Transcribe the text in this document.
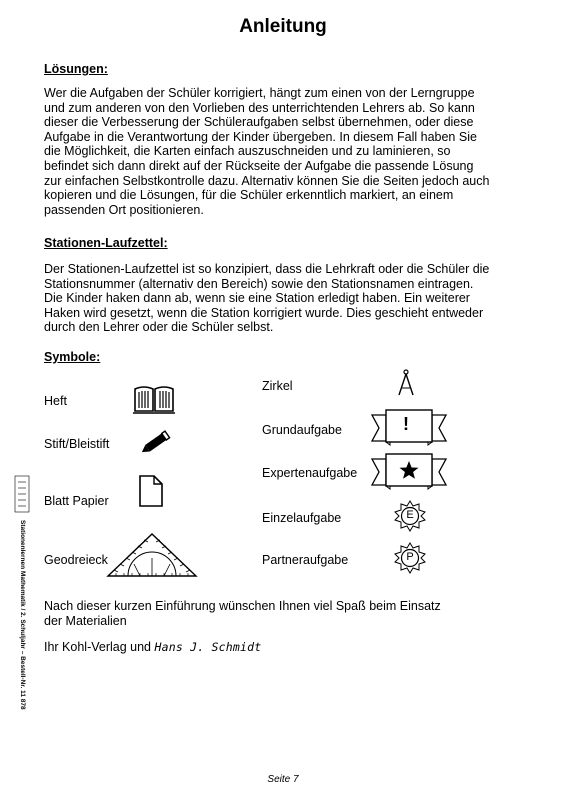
Anleitung
Lösungen:
Wer die Aufgaben der Schüler korrigiert, hängt zum einen von der Lerngruppe
und zum anderen von den Vorlieben des unterrichtenden Lehrers ab. So kann
dieser die Verbesserung der Schüleraufgaben selbst übernehmen, oder diese
Aufgabe in die Verantwortung der Kinder übergeben. In diesem Fall haben Sie
die Möglichkeit, die Karten einfach auszuschneiden und zu laminieren, so
befindet sich dann direkt auf der Rückseite der Aufgabe die passende Lösung
zur einfachen Selbstkontrolle dazu. Alternativ können Sie die Seiten jedoch auch
kopieren und die Lösungen, für die Schüler erkenntlich markiert, an einem
passenden Ort positionieren.
Stationen-Laufzettel:
Der Stationen-Laufzettel ist so konzipiert, dass die Lehrkraft oder die Schüler die
Stationsnummer (alternativ den Bereich) sowie den Stationsnamen eintragen.
Die Kinder haken dann ab, wenn sie eine Station erledigt haben. Ein weiterer
Haken wird gesetzt, wenn die Station korrigiert wurde. Dies geschieht entweder
durch den Lehrer oder die Schüler selbst.
Symbole:
Heft
Stift/Bleistift
Blatt Papier
Geodreieck
Zirkel
Grundaufgabe	!
Expertenaufgabe
Einzelaufgabe	E
Partneraufgabe	P
Nach dieser kurzen Einführung wünschen Ihnen viel Spaß beim Einsatz
der Materialien
Ihr Kohl-Verlag und Hans J. Schmidt
Stationenlernen Mathematik / 2. Schuljahr – Bestell-Nr. 11 878
Seite 7
